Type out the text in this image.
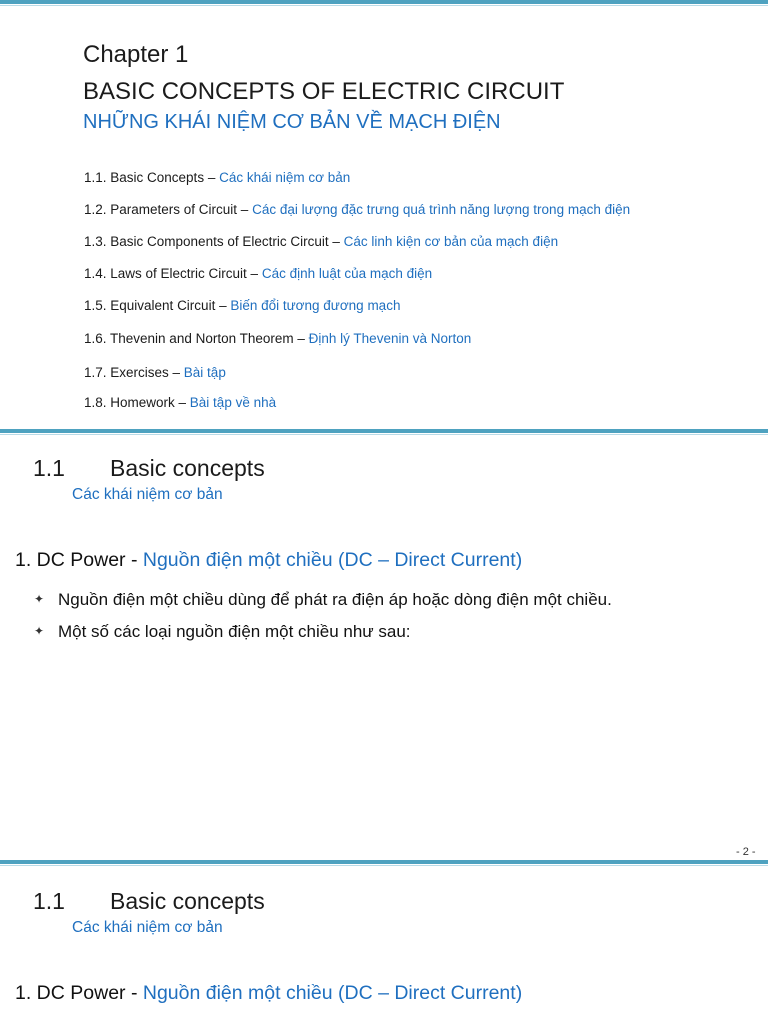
Chapter 1
BASIC CONCEPTS OF ELECTRIC CIRCUIT
NHỮNG KHÁI NIỆM CƠ BẢN VỀ MẠCH ĐIỆN
1.1. Basic Concepts – Các khái niệm cơ bản
1.2. Parameters of Circuit – Các đại lượng đặc trưng quá trình năng lượng trong mạch điện
1.3. Basic Components of Electric Circuit – Các linh kiện cơ bản của mạch điện
1.4. Laws of Electric Circuit – Các định luật của mạch điện
1.5. Equivalent Circuit – Biến đổi tương đương mạch
1.6. Thevenin and Norton Theorem – Định lý Thevenin và Norton
1.7. Exercises – Bài tập
1.8. Homework – Bài tập về nhà
1.1 Basic concepts
Các khái niệm cơ bản
1. DC Power - Nguồn điện một chiều (DC – Direct Current)
✦ Nguồn điện một chiều dùng để phát ra điện áp hoặc dòng điện một chiều.
✦ Một số các loại nguồn điện một chiều như sau:
- 2 -
1.1 Basic concepts
Các khái niệm cơ bản
1. DC Power - Nguồn điện một chiều (DC – Direct Current)
